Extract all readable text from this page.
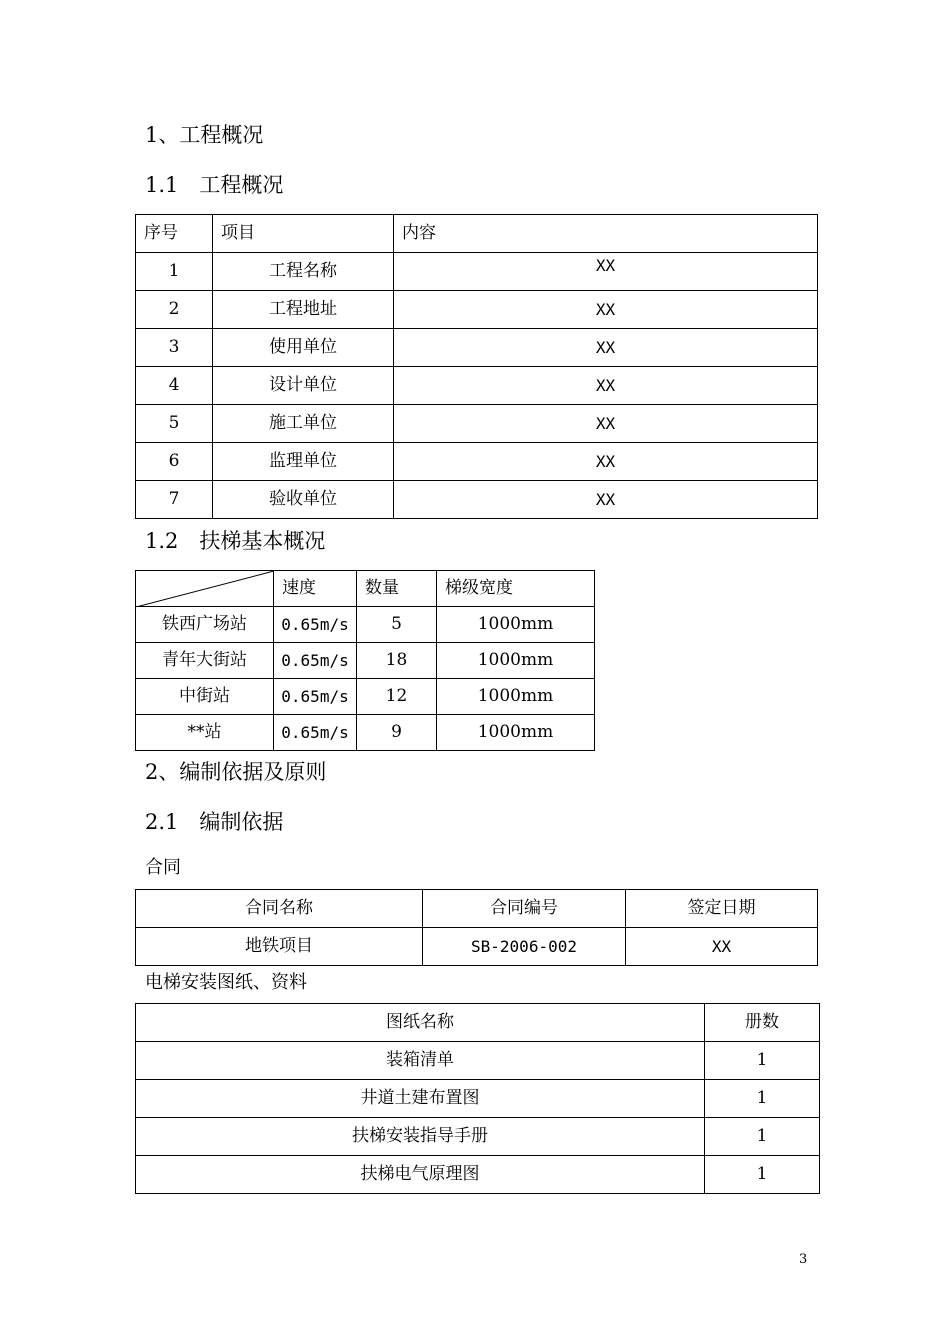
1、工程概况
1.1　工程概况
序号	项目	内容
1	工程名称	XX
2	工程地址	XX
3	使用单位	XX
4	设计单位	XX
5	施工单位	XX
6	监理单位	XX
7	验收单位	XX
1.2　扶梯基本概况
	速度	数量	梯级宽度
铁西广场站	0.65m/s	5	1000mm
青年大街站	0.65m/s	18	1000mm
中街站	0.65m/s	12	1000mm
**站	0.65m/s	9	1000mm
2、编制依据及原则
2.1　编制依据
合同
合同名称	合同编号	签定日期
地铁项目	SB-2006-002	XX
电梯安装图纸、资料
图纸名称	册数
装箱清单	1
井道土建布置图	1
扶梯安装指导手册	1
扶梯电气原理图	1
3
